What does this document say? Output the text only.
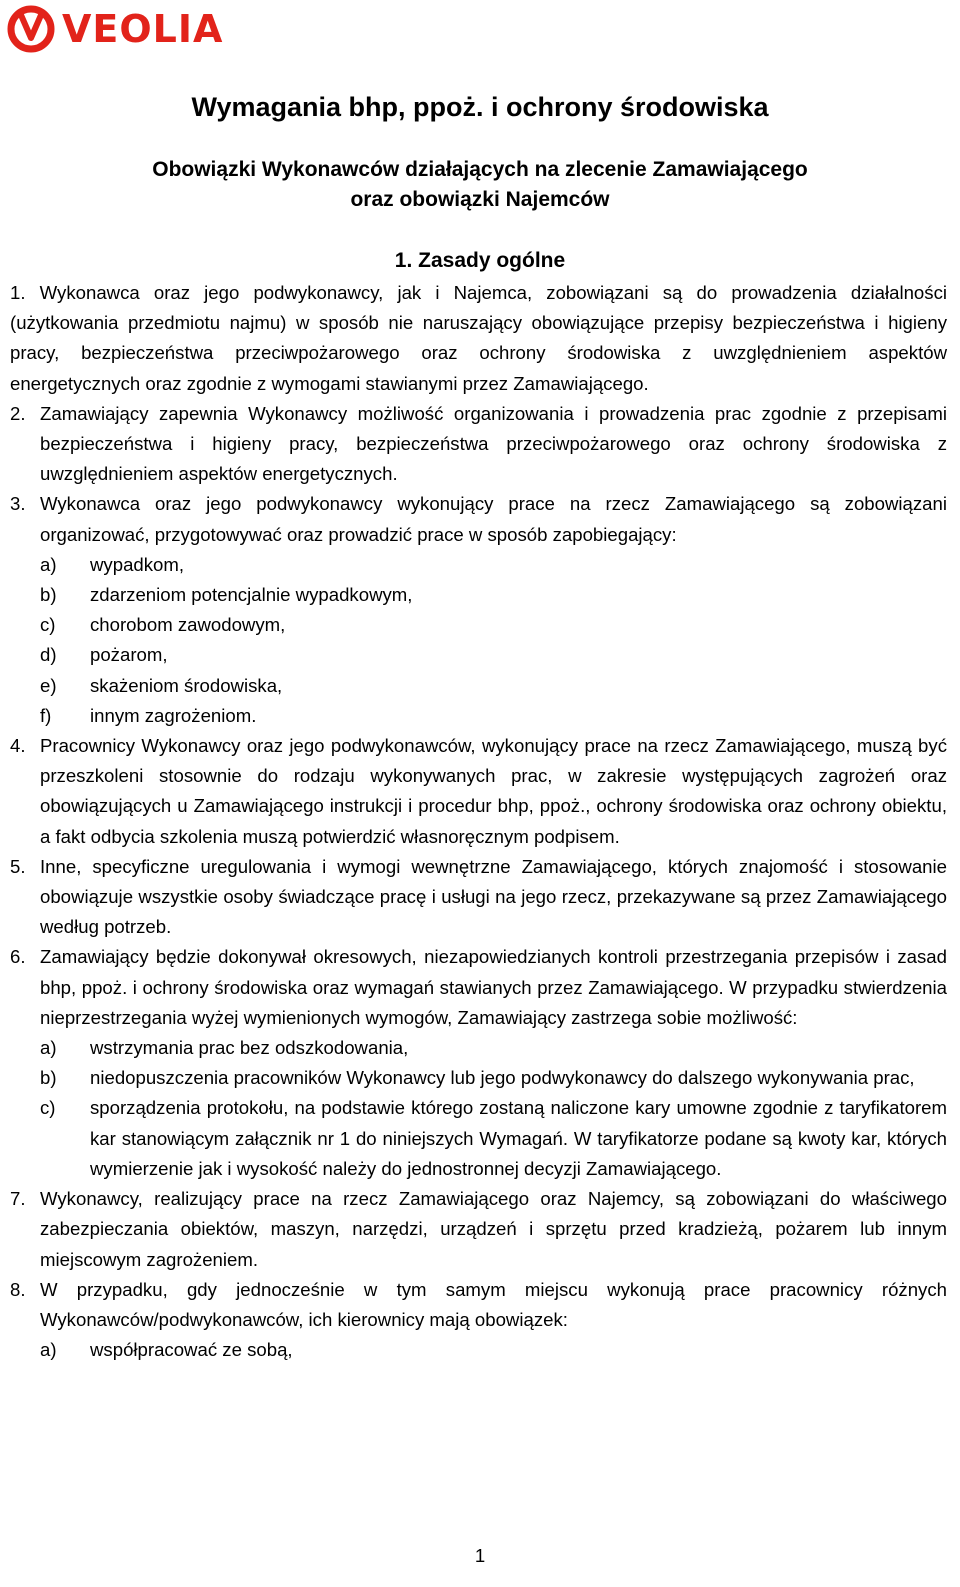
VEOLIA
Wymagania bhp, ppoż. i ochrony środowiska
Obowiązki Wykonawców działających na zlecenie Zamawiającego
oraz obowiązki Najemców
1. Zasady ogólne

1. Wykonawca oraz jego podwykonawcy, jak i Najemca, zobowiązani są do prowadzenia działalności (użytkowania przedmiotu najmu) w sposób nie naruszający obowiązujące przepisy bezpieczeństwa i higieny pracy, bezpieczeństwa przeciwpożarowego oraz ochrony środowiska z uwzględnieniem aspektów energetycznych oraz zgodnie z wymogami stawianymi przez Zamawiającego.

2. Zamawiający zapewnia Wykonawcy możliwość organizowania i prowadzenia prac zgodnie z przepisami bezpieczeństwa i higieny pracy, bezpieczeństwa przeciwpożarowego oraz ochrony środowiska z uwzględnieniem aspektów energetycznych.
3. Wykonawca oraz jego podwykonawcy wykonujący prace na rzecz Zamawiającego są zobowiązani organizować, przygotowywać oraz prowadzić prace w sposób zapobiegający:
a) wypadkom,
b) zdarzeniom potencjalnie wypadkowym,
c) chorobom zawodowym,
d) pożarom,
e) skażeniom środowiska,
f) innym zagrożeniom.
4. Pracownicy Wykonawcy oraz jego podwykonawców, wykonujący prace na rzecz Zamawiającego, muszą być przeszkoleni stosownie do rodzaju wykonywanych prac, w zakresie występujących zagrożeń oraz obowiązujących u Zamawiającego instrukcji i procedur bhp, ppoż., ochrony środowiska oraz ochrony obiektu, a fakt odbycia szkolenia muszą potwierdzić własnoręcznym podpisem.
5. Inne, specyficzne uregulowania i wymogi wewnętrzne Zamawiającego, których znajomość i stosowanie obowiązuje wszystkie osoby świadczące pracę i usługi na jego rzecz, przekazywane są przez Zamawiającego według potrzeb.
6. Zamawiający będzie dokonywał okresowych, niezapowiedzianych kontroli przestrzegania przepisów i zasad bhp, ppoż. i ochrony środowiska oraz wymagań stawianych przez Zamawiającego. W przypadku stwierdzenia nieprzestrzegania wyżej wymienionych wymogów, Zamawiający zastrzega sobie możliwość:
a) wstrzymania prac bez odszkodowania,
b) niedopuszczenia pracowników Wykonawcy lub jego podwykonawcy do dalszego wykonywania prac,
c) sporządzenia protokołu, na podstawie którego zostaną naliczone kary umowne zgodnie z taryfikatorem kar stanowiącym załącznik nr 1 do niniejszych Wymagań. W taryfikatorze podane są kwoty kar, których wymierzenie jak i wysokość należy do jednostronnej decyzji Zamawiającego.
7. Wykonawcy, realizujący prace na rzecz Zamawiającego oraz Najemcy, są zobowiązani do właściwego zabezpieczania obiektów, maszyn, narzędzi, urządzeń i sprzętu przed kradzieżą, pożarem lub innym miejscowym zagrożeniem.
8. W przypadku, gdy jednocześnie w tym samym miejscu wykonują prace pracownicy różnych Wykonawców/podwykonawców, ich kierownicy mają obowiązek:
a) współpracować ze sobą,
1
